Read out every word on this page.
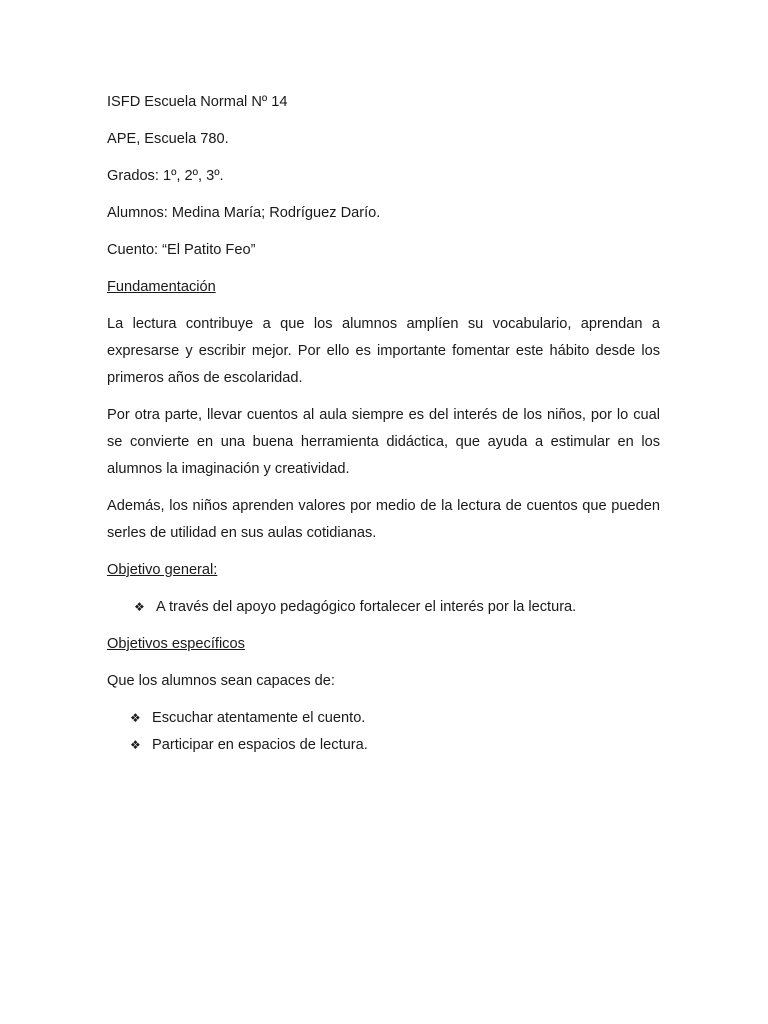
ISFD Escuela Normal Nº 14

APE, Escuela 780.

Grados: 1º, 2º, 3º.

Alumnos: Medina María; Rodríguez Darío.

Cuento: “El Patito Feo”

Fundamentación

La lectura contribuye a que los alumnos amplíen su vocabulario, aprendan a expresarse y escribir mejor. Por ello es importante fomentar este hábito desde los primeros años de escolaridad.

Por otra parte, llevar cuentos al aula siempre es del interés de los niños, por lo cual se convierte en una buena herramienta didáctica, que ayuda a estimular en los alumnos la imaginación y creatividad.

Además, los niños aprenden valores por medio de la lectura de cuentos que pueden serles de utilidad en sus aulas cotidianas.

Objetivo general:

❖ A través del apoyo pedagógico fortalecer el interés por la lectura.

Objetivos específicos

Que los alumnos sean capaces de:

❖ Escuchar atentamente el cuento.
❖ Participar en espacios de lectura.
